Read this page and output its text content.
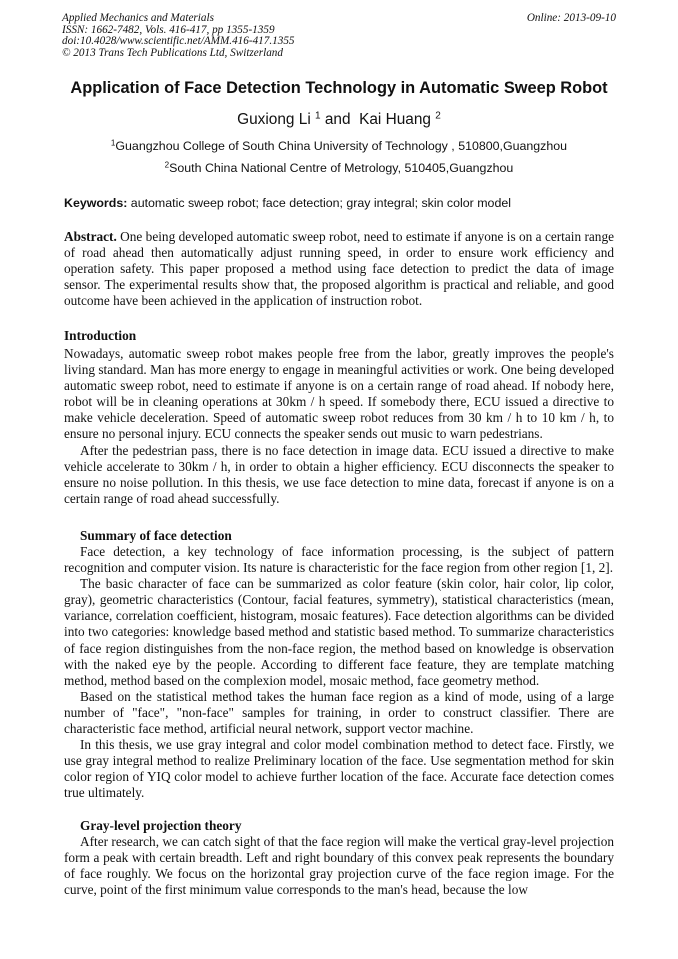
Applied Mechanics and Materials
ISSN: 1662-7482, Vols. 416-417, pp 1355-1359
doi:10.4028/www.scientific.net/AMM.416-417.1355
© 2013 Trans Tech Publications Ltd, Switzerland
Online: 2013-09-10
Application of Face Detection Technology in Automatic Sweep Robot
Guxiong Li $^1$ and  Kai Huang $^2$
$^1$Guangzhou College of South China University of Technology , 510800,Guangzhou
$^2$South China National Centre of Metrology, 510405,Guangzhou
Keywords: automatic sweep robot; face detection; gray integral; skin color model

Abstract. One being developed automatic sweep robot, need to estimate if anyone is on a certain range of road ahead then automatically adjust running speed, in order to ensure work efficiency and operation safety. This paper proposed a method using face detection to predict the data of image sensor. The experimental results show that, the proposed algorithm is practical and reliable, and good outcome have been achieved in the application of instruction robot.

Introduction

Nowadays, automatic sweep robot makes people free from the labor, greatly improves the people's living standard. Man has more energy to engage in meaningful activities or work. One being developed automatic sweep robot, need to estimate if anyone is on a certain range of road ahead. If nobody here, robot will be in cleaning operations at 30km / h speed. If somebody there, ECU issued a directive to make vehicle deceleration. Speed of automatic sweep robot reduces from 30 km / h to 10 km / h, to ensure no personal injury. ECU connects the speaker sends out music to warn pedestrians.

After the pedestrian pass, there is no face detection in image data. ECU issued a directive to make vehicle accelerate to 30km / h, in order to obtain a higher efficiency. ECU disconnects the speaker to ensure no noise pollution. In this thesis, we use face detection to mine data, forecast if anyone is on a certain range of road ahead successfully.

Summary of face detection

Face detection, a key technology of face information processing, is the subject of pattern recognition and computer vision. Its nature is characteristic for the face region from other region [1, 2].

The basic character of face can be summarized as color feature (skin color, hair color, lip color, gray), geometric characteristics (Contour, facial features, symmetry), statistical characteristics (mean, variance, correlation coefficient, histogram, mosaic features). Face detection algorithms can be divided into two categories: knowledge based method and statistic based method. To summarize characteristics of face region distinguishes from the non-face region, the method based on knowledge is observation with the naked eye by the people. According to different face feature, they are template matching method, method based on the complexion model, mosaic method, face geometry method.

Based on the statistical method takes the human face region as a kind of mode, using of a large number of "face", "non-face" samples for training, in order to construct classifier. There are characteristic face method, artificial neural network, support vector machine.

In this thesis, we use gray integral and color model combination method to detect face. Firstly, we use gray integral method to realize Preliminary location of the face. Use segmentation method for skin color region of YIQ color model to achieve further location of the face. Accurate face detection comes true ultimately.

Gray-level projection theory

After research, we can catch sight of that the face region will make the vertical gray-level projection form a peak with certain breadth. Left and right boundary of this convex peak represents the boundary of face roughly. We focus on the horizontal gray projection curve of the face region image. For the curve, point of the first minimum value corresponds to the man's head, because the low
